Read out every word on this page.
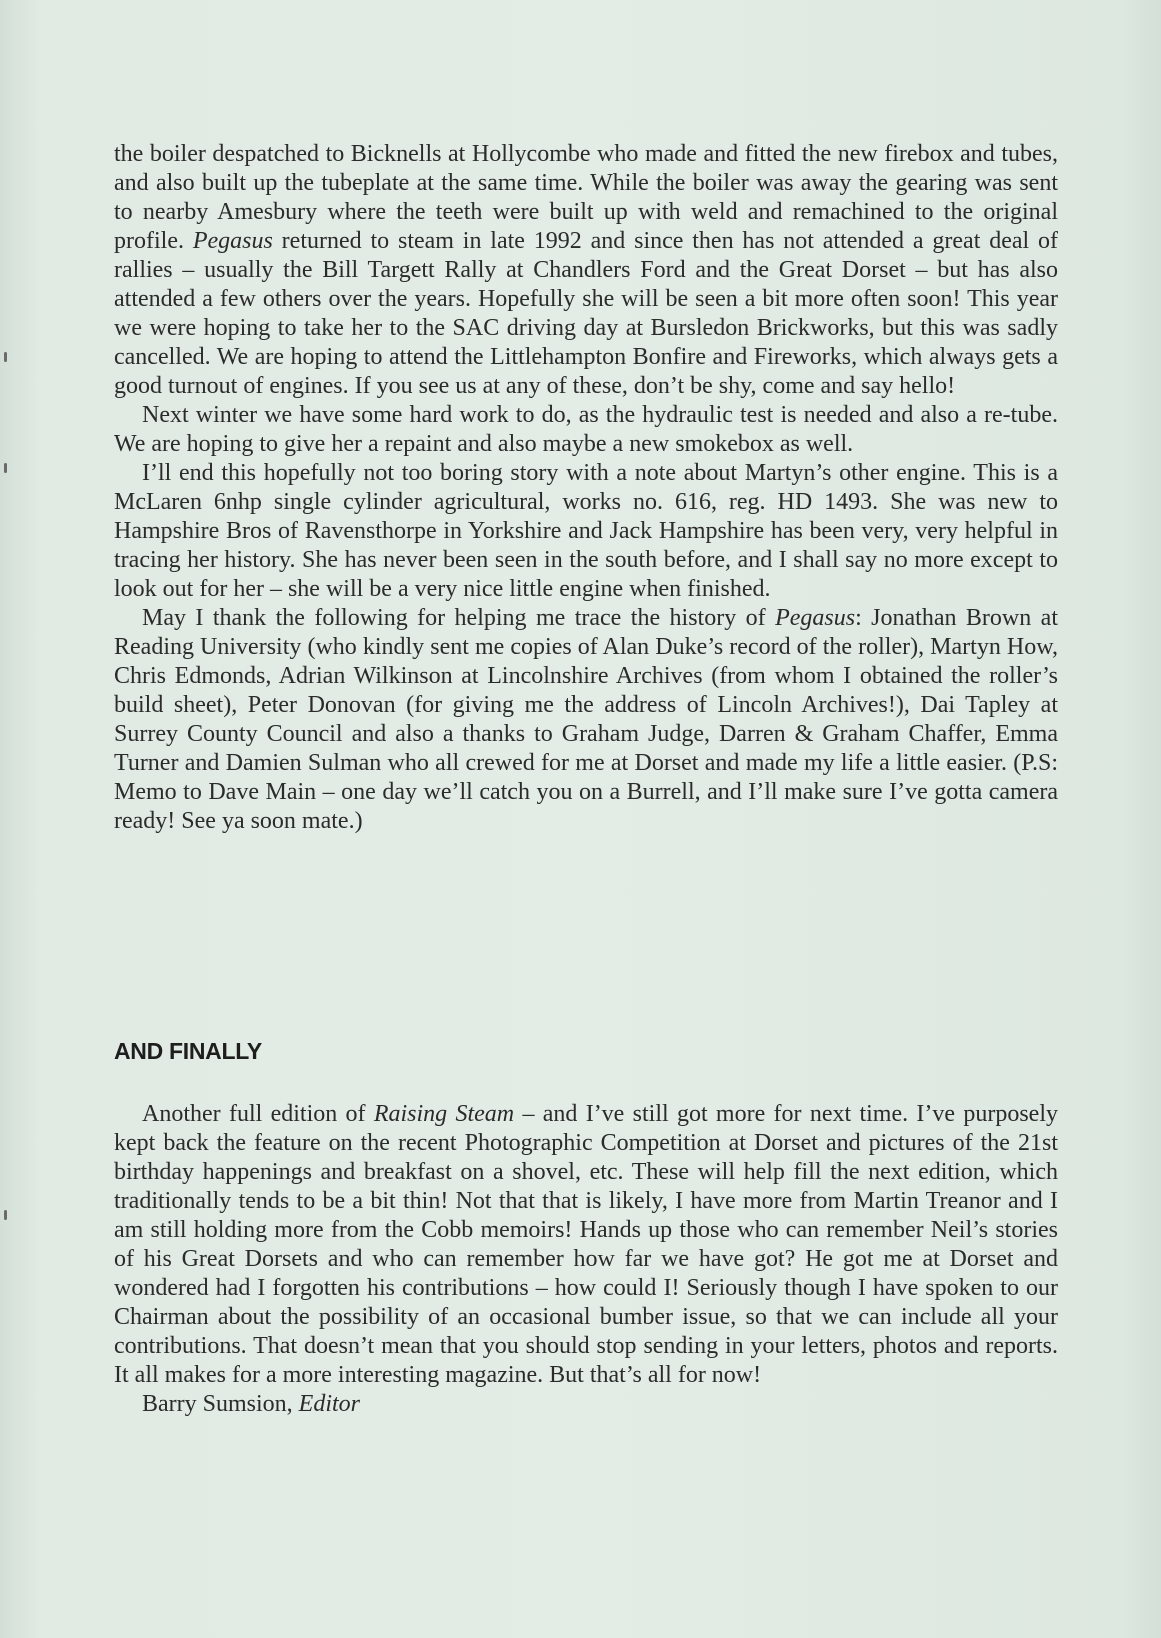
the boiler despatched to Bicknells at Hollycombe who made and fitted the new firebox and tubes, and also built up the tubeplate at the same time. While the boiler was away the gearing was sent to nearby Amesbury where the teeth were built up with weld and remachined to the original profile. Pegasus returned to steam in late 1992 and since then has not attended a great deal of rallies – usually the Bill Targett Rally at Chandlers Ford and the Great Dorset – but has also attended a few others over the years. Hopefully she will be seen a bit more often soon! This year we were hoping to take her to the SAC driving day at Bursledon Brickworks, but this was sadly cancelled. We are hoping to attend the Littlehampton Bonfire and Fireworks, which always gets a good turnout of engines. If you see us at any of these, don’t be shy, come and say hello!

Next winter we have some hard work to do, as the hydraulic test is needed and also a re-tube. We are hoping to give her a repaint and also maybe a new smokebox as well.

I’ll end this hopefully not too boring story with a note about Martyn’s other engine. This is a McLaren 6nhp single cylinder agricultural, works no. 616, reg. HD 1493. She was new to Hampshire Bros of Ravensthorpe in Yorkshire and Jack Hampshire has been very, very helpful in tracing her history. She has never been seen in the south before, and I shall say no more except to look out for her – she will be a very nice little engine when finished.

May I thank the following for helping me trace the history of Pegasus: Jonathan Brown at Reading University (who kindly sent me copies of Alan Duke’s record of the roller), Martyn How, Chris Edmonds, Adrian Wilkinson at Lincolnshire Archives (from whom I obtained the roller’s build sheet), Peter Donovan (for giving me the address of Lincoln Archives!), Dai Tapley at Surrey County Council and also a thanks to Graham Judge, Darren & Graham Chaffer, Emma Turner and Damien Sulman who all crewed for me at Dorset and made my life a little easier. (P.S: Memo to Dave Main – one day we’ll catch you on a Burrell, and I’ll make sure I’ve gotta camera ready! See ya soon mate.)

AND FINALLY

Another full edition of Raising Steam – and I’ve still got more for next time. I’ve purposely kept back the feature on the recent Photographic Competition at Dorset and pictures of the 21st birthday happenings and breakfast on a shovel, etc. These will help fill the next edition, which traditionally tends to be a bit thin! Not that that is likely, I have more from Martin Treanor and I am still holding more from the Cobb memoirs! Hands up those who can remember Neil’s stories of his Great Dorsets and who can remember how far we have got? He got me at Dorset and wondered had I forgotten his contributions – how could I! Seriously though I have spoken to our Chairman about the possibility of an occasional bumber issue, so that we can include all your contributions. That doesn’t mean that you should stop sending in your letters, photos and reports. It all makes for a more interesting magazine. But that’s all for now!

Barry Sumsion, Editor
